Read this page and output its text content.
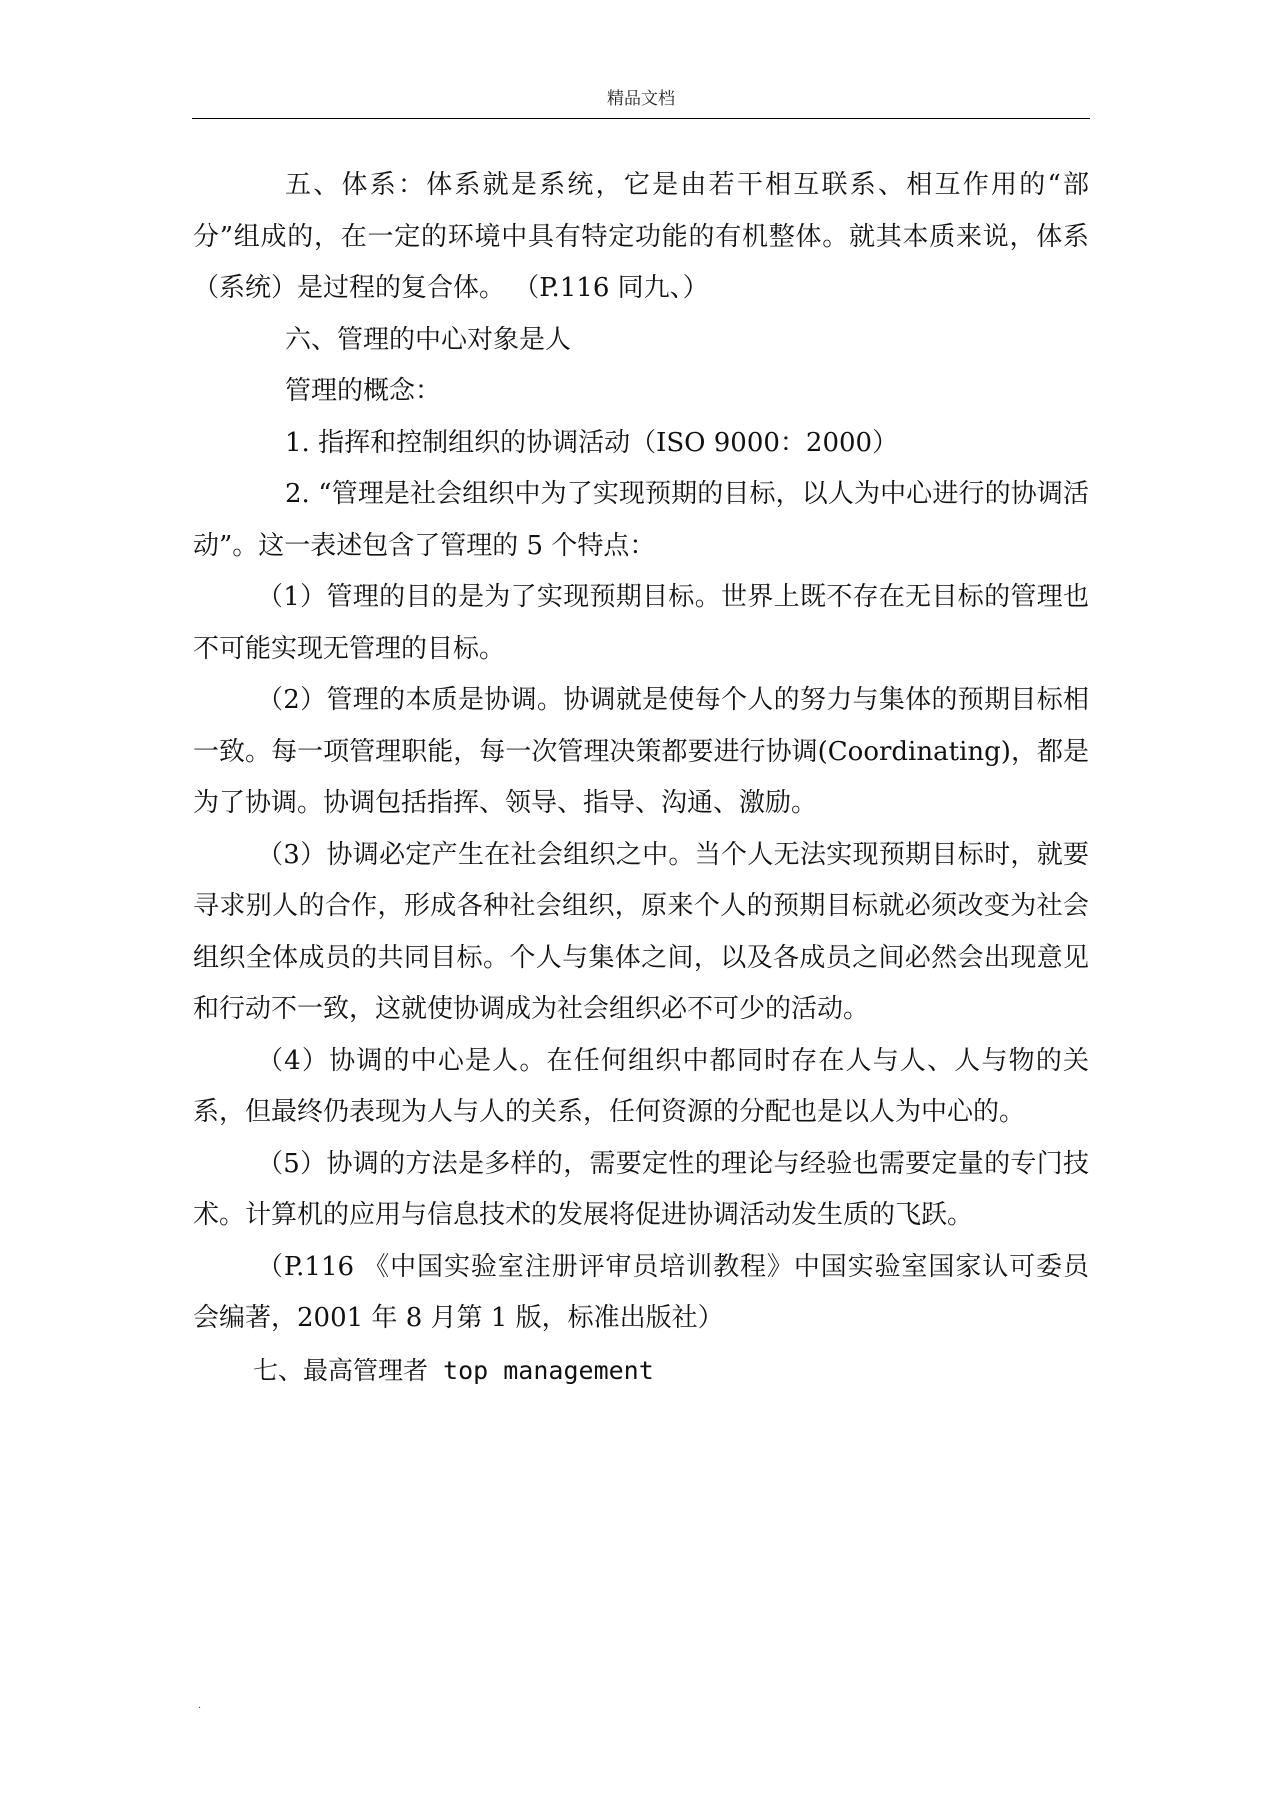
精品文档

五、体系：体系就是系统，它是由若干相互联系、相互作用的“部分”组成的，在一定的环境中具有特定功能的有机整体。就其本质来说，体系（系统）是过程的复合体。 （P.116 同九、）

六、管理的中心对象是人

管理的概念：

1. 指挥和控制组织的协调活动（ISO 9000：2000）

2. “管理是社会组织中为了实现预期的目标，以人为中心进行的协调活动”。这一表述包含了管理的 5 个特点：

（1）管理的目的是为了实现预期目标。世界上既不存在无目标的管理也不可能实现无管理的目标。

（2）管理的本质是协调。协调就是使每个人的努力与集体的预期目标相一致。每一项管理职能，每一次管理决策都要进行协调(Coordinating)，都是为了协调。协调包括指挥、领导、指导、沟通、激励。

（3）协调必定产生在社会组织之中。当个人无法实现预期目标时，就要寻求别人的合作，形成各种社会组织，原来个人的预期目标就必须改变为社会组织全体成员的共同目标。个人与集体之间，以及各成员之间必然会出现意见和行动不一致，这就使协调成为社会组织必不可少的活动。

（4）协调的中心是人。在任何组织中都同时存在人与人、人与物的关系，但最终仍表现为人与人的关系，任何资源的分配也是以人为中心的。

（5）协调的方法是多样的，需要定性的理论与经验也需要定量的专门技术。计算机的应用与信息技术的发展将促进协调活动发生质的飞跃。

（P.116 《中国实验室注册评审员培训教程》中国实验室国家认可委员会编著，2001 年 8 月第 1 版，标准出版社）

七、最高管理者 top management

.
